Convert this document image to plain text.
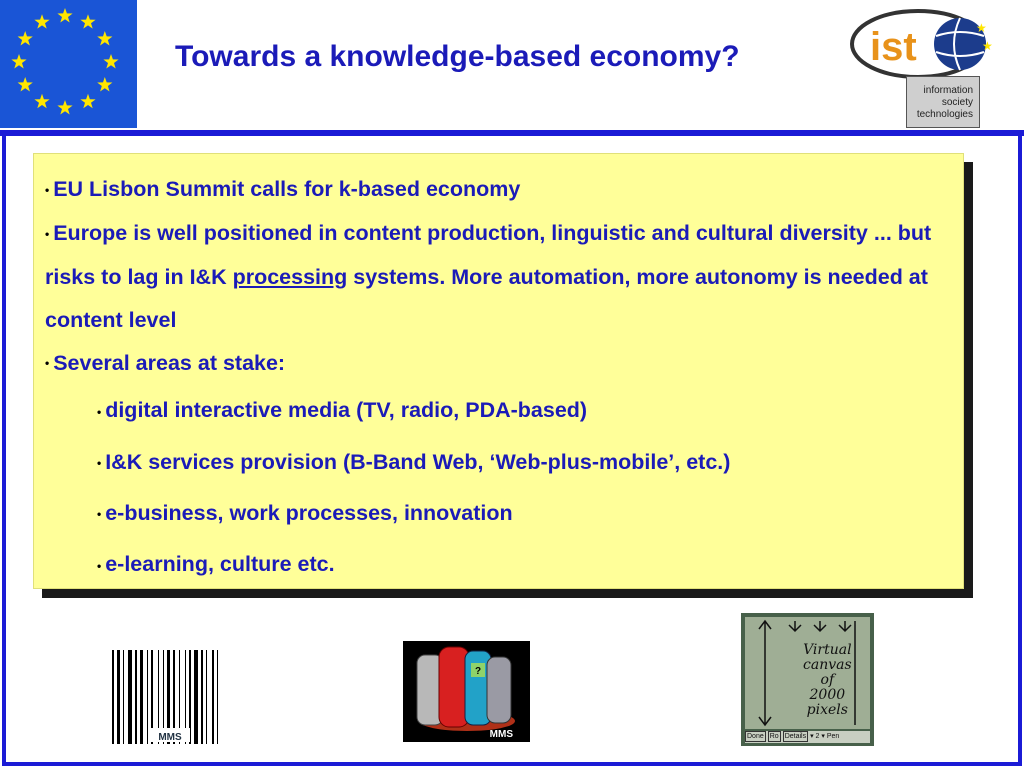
Towards a knowledge-based economy?	ist	★
★
information
society
technologies

• EU Lisbon Summit calls for k-based economy

• Europe is well positioned in content production, linguistic and cultural diversity ... but risks to lag in I&K processing systems. More automation, more autonomy is needed at content level

• Several areas at stake:

• digital interactive media (TV, radio, PDA-based)
• I&K services provision (B-Band Web, ‘Web-plus-mobile’, etc.)
• e-business, work processes, innovation
• e-learning, culture etc.
MMS
?
MMS
Virtual
canvas
of
2000
pixels
Done Ro Details ▾ 2 ▾ Pen
